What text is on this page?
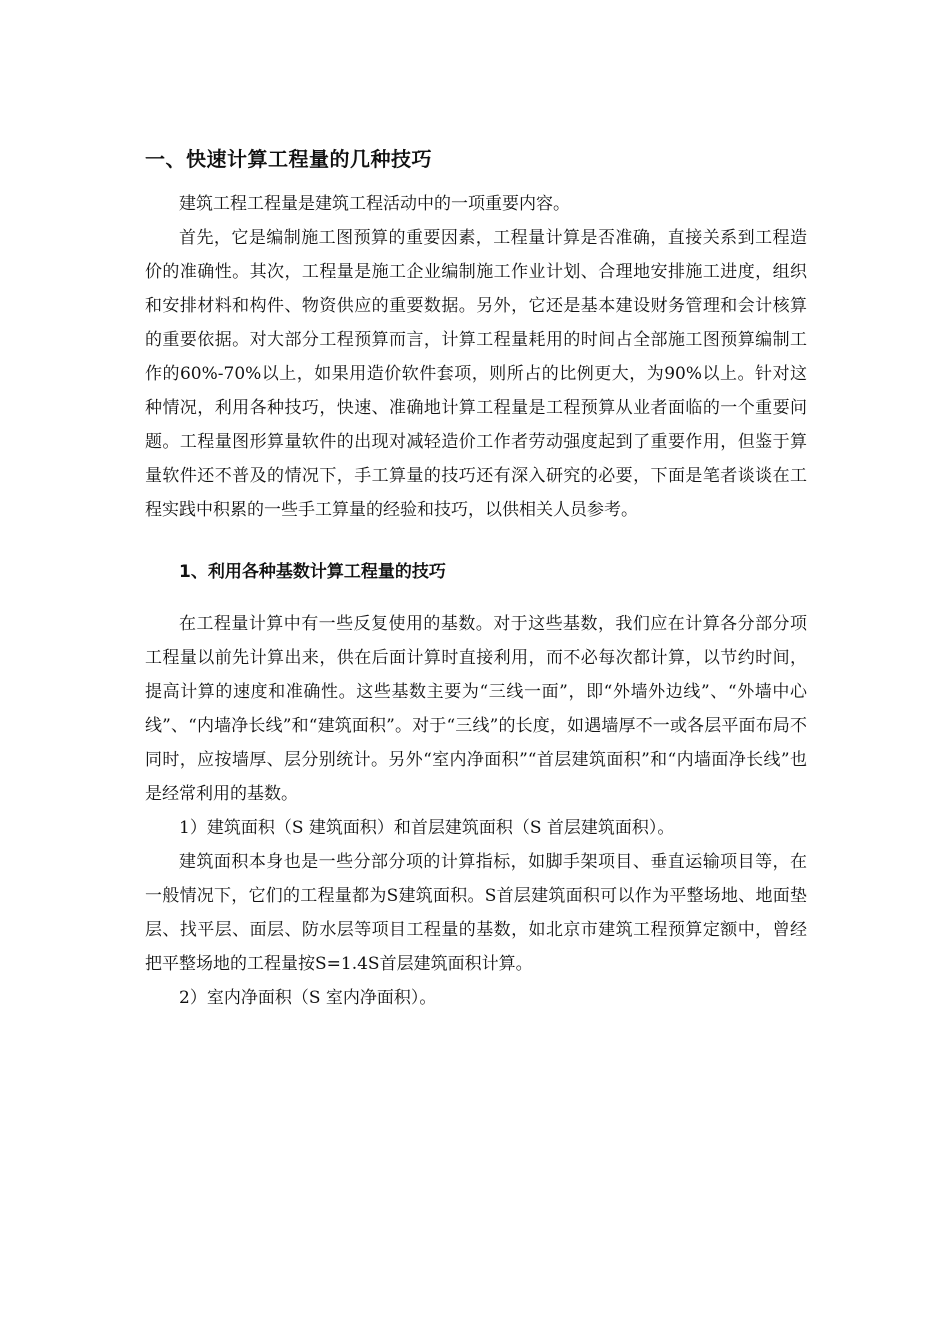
一、快速计算工程量的几种技巧

建筑工程工程量是建筑工程活动中的一项重要内容。

首先，它是编制施工图预算的重要因素，工程量计算是否准确，直接关系到工程造价的准确性。其次，工程量是施工企业编制施工作业计划、合理地安排施工进度，组织和安排材料和构件、物资供应的重要数据。另外，它还是基本建设财务管理和会计核算的重要依据。对大部分工程预算而言，计算工程量耗用的时间占全部施工图预算编制工作的60%-70%以上，如果用造价软件套项，则所占的比例更大，为90%以上。针对这种情况，利用各种技巧，快速、准确地计算工程量是工程预算从业者面临的一个重要问题。工程量图形算量软件的出现对减轻造价工作者劳动强度起到了重要作用，但鉴于算量软件还不普及的情况下，手工算量的技巧还有深入研究的必要，下面是笔者谈谈在工程实践中积累的一些手工算量的经验和技巧，以供相关人员参考。

1、利用各种基数计算工程量的技巧

在工程量计算中有一些反复使用的基数。对于这些基数，我们应在计算各分部分项工程量以前先计算出来，供在后面计算时直接利用，而不必每次都计算，以节约时间，提高计算的速度和准确性。这些基数主要为“三线一面”，即“外墙外边线”、“外墙中心线”、“内墙净长线”和“建筑面积”。对于“三线”的长度，如遇墙厚不一或各层平面布局不同时，应按墙厚、层分别统计。另外“室内净面积”“首层建筑面积”和“内墙面净长线”也是经常利用的基数。

1）建筑面积（S 建筑面积）和首层建筑面积（S 首层建筑面积）。

建筑面积本身也是一些分部分项的计算指标，如脚手架项目、垂直运输项目等，在一般情况下，它们的工程量都为S建筑面积。S首层建筑面积可以作为平整场地、地面垫层、找平层、面层、防水层等项目工程量的基数，如北京市建筑工程预算定额中，曾经把平整场地的工程量按S=1.4S首层建筑面积计算。

2）室内净面积（S 室内净面积）。
